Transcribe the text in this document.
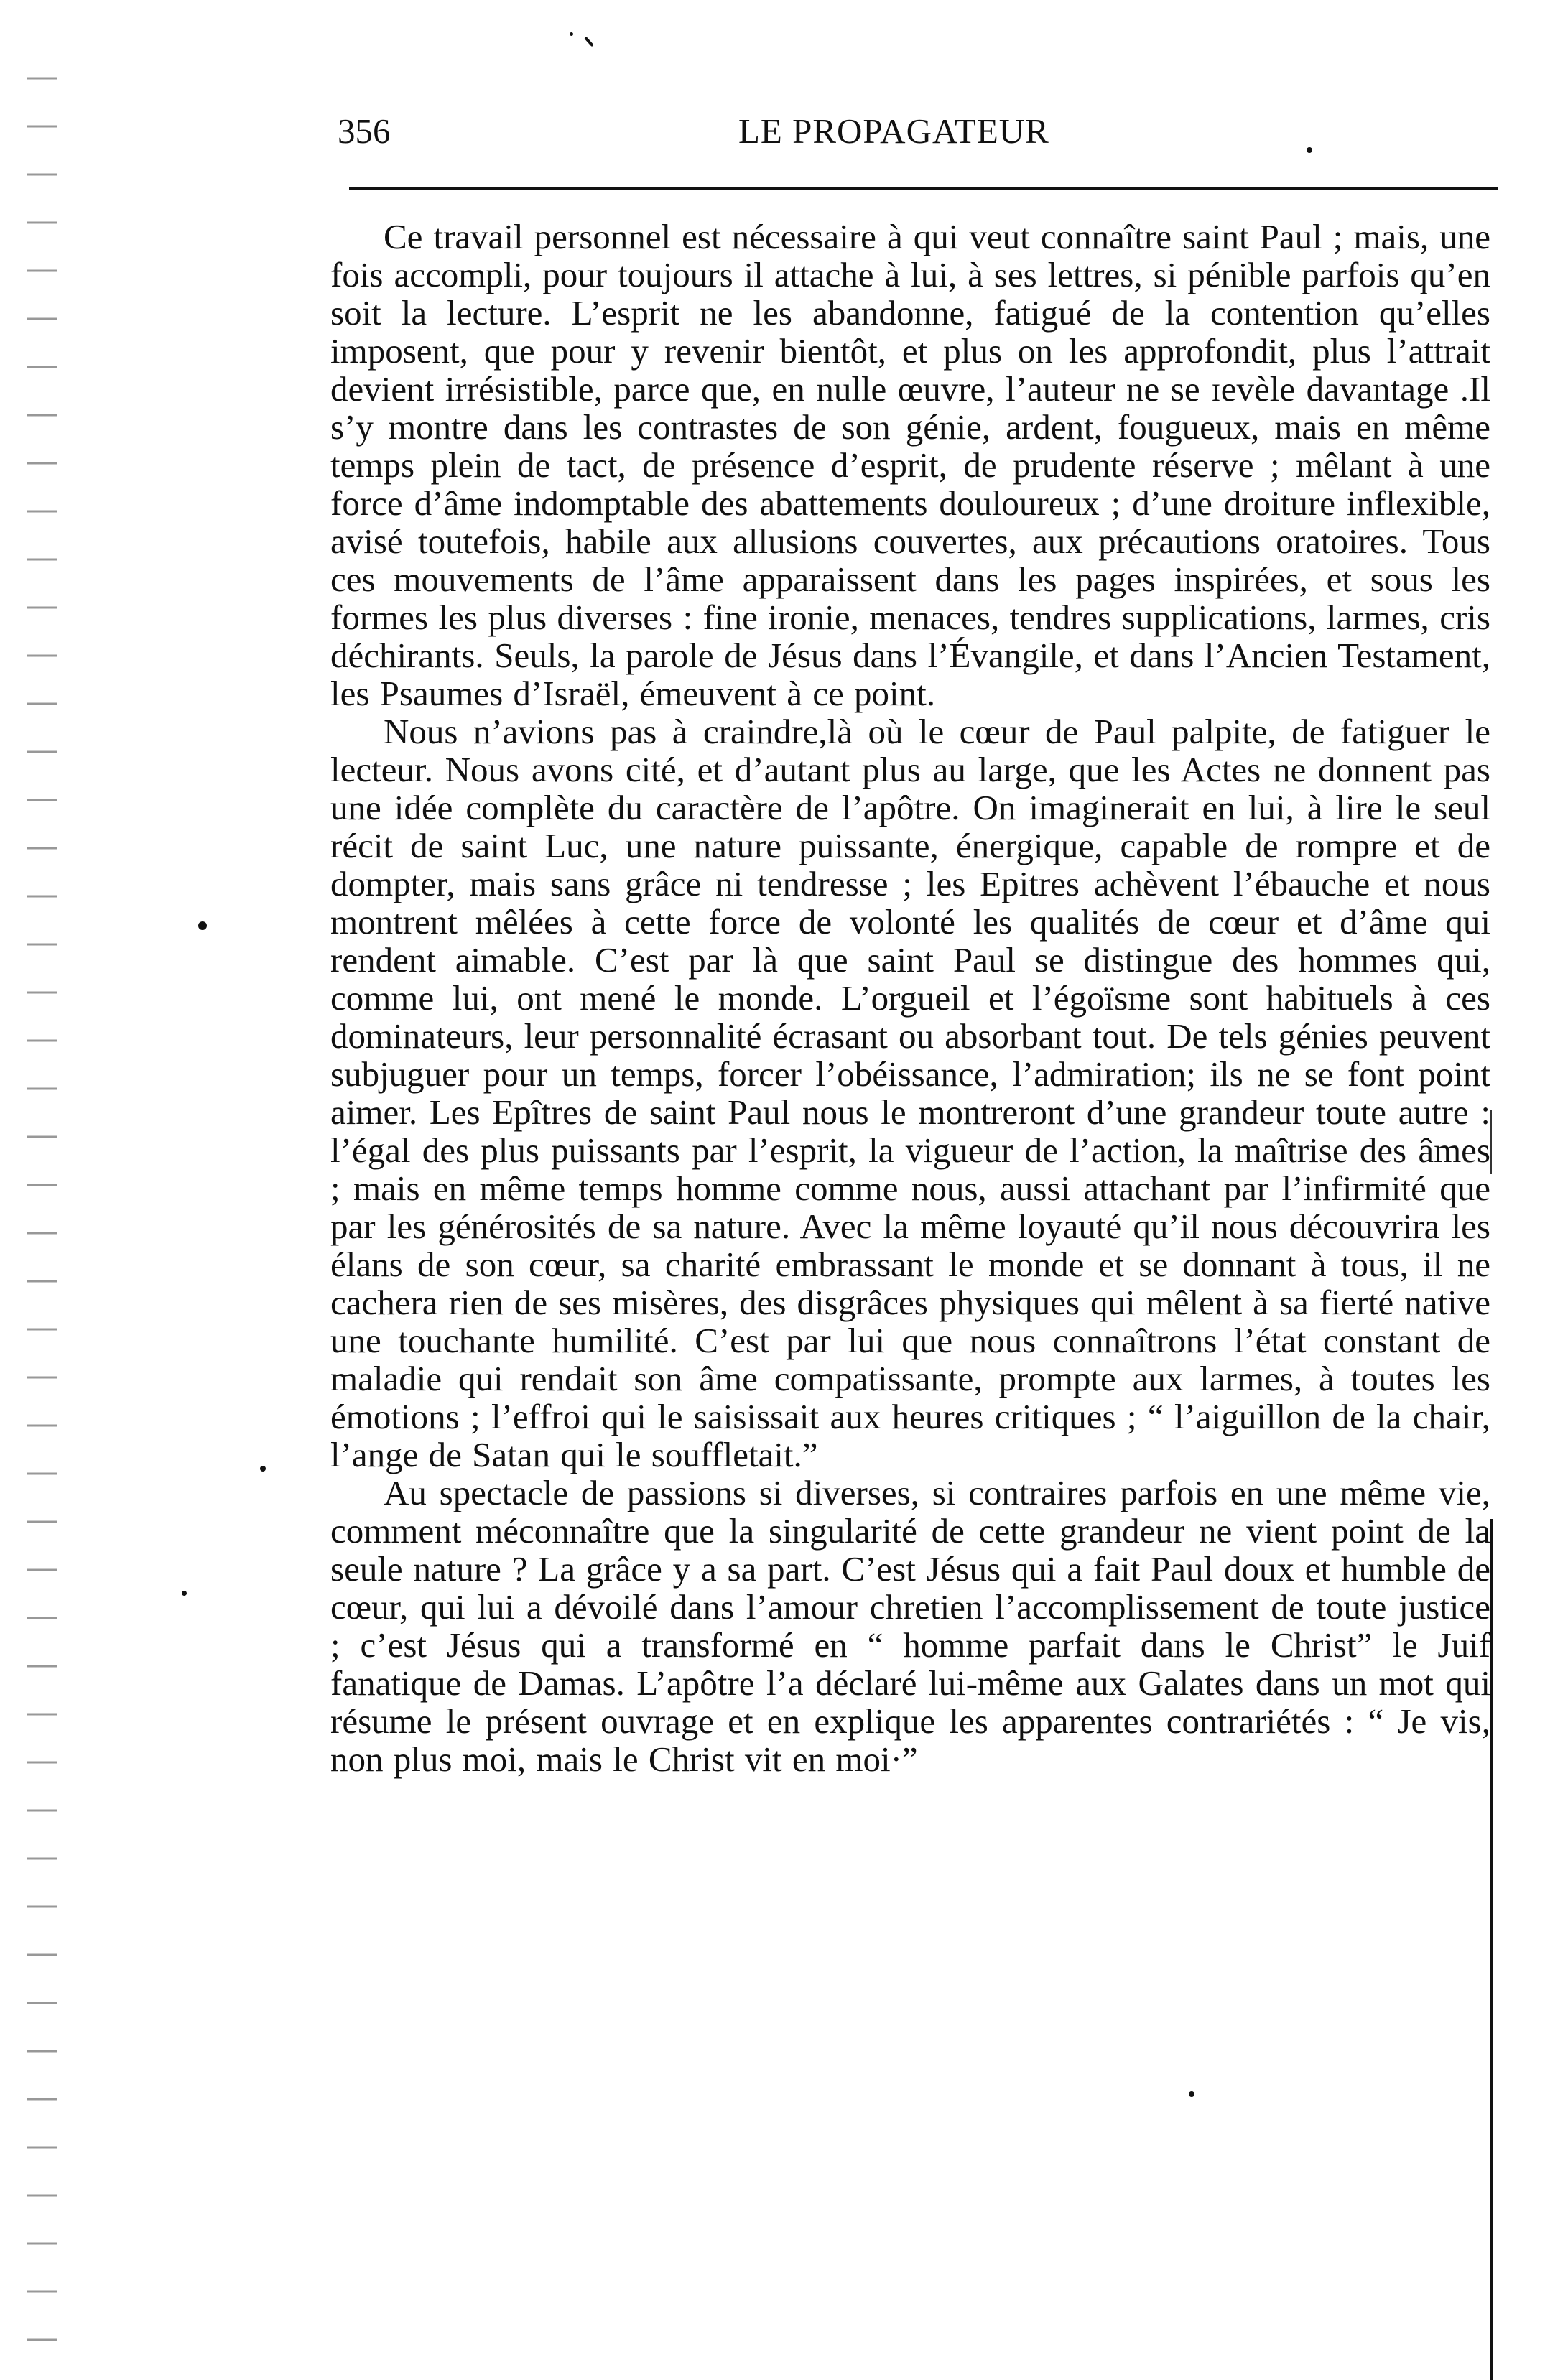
356	LE PROPAGATEUR

Ce travail personnel est nécessaire à qui veut connaître saint Paul ; mais, une fois accompli, pour toujours il attache à lui, à ses lettres, si pénible parfois qu’en soit la lecture. L’esprit ne les abandonne, fatigué de la contention qu’elles imposent, que pour y revenir bientôt, et plus on les approfondit, plus l’attrait devient irrésistible, parce que, en nulle œuvre, l’auteur ne se ɪevèle davantage .Il s’y montre dans les contrastes de son génie, ardent, fougueux, mais en même temps plein de tact, de présence d’esprit, de prudente réserve ; mêlant à une force d’âme indomptable des abattements douloureux ; d’une droiture inflexible, avisé toutefois, habile aux allusions couvertes, aux précautions oratoires. Tous ces mouvements de l’âme apparaissent dans les pages inspirées, et sous les formes les plus diverses : fine ironie, menaces, tendres supplications, larmes, cris déchirants. Seuls, la parole de Jésus dans l’Évangile, et dans l’Ancien Testament, les Psaumes d’Israël, émeuvent à ce point.

Nous n’avions pas à craindre,là où le cœur de Paul palpite, de fatiguer le lecteur. Nous avons cité, et d’autant plus au large, que les Actes ne donnent pas une idée complète du caractère de l’apôtre. On imaginerait en lui, à lire le seul récit de saint Luc, une nature puissante, énergique, capable de rompre et de dompter, mais sans grâce ni tendresse ; les Epitres achèvent l’ébauche et nous montrent mêlées à cette force de volonté les qualités de cœur et d’âme qui rendent aimable. C’est par là que saint Paul se distingue des hommes qui, comme lui, ont mené le monde. L’orgueil et l’égoïsme sont habituels à ces dominateurs, leur personnalité écrasant ou absorbant tout. De tels génies peuvent subjuguer pour un temps, forcer l’obéissance, l’admiration; ils ne se font point aimer. Les Epîtres de saint Paul nous le montreront d’une grandeur toute autre : l’égal des plus puissants par l’esprit, la vigueur de l’action, la maîtrise des âmes ; mais en même temps homme comme nous, aussi attachant par l’infirmité que par les générosités de sa nature. Avec la même loyauté qu’il nous découvrira les élans de son cœur, sa charité embrassant le monde et se donnant à tous, il ne cachera rien de ses misères, des disgrâces physiques qui mêlent à sa fierté native une touchante humilité. C’est par lui que nous connaîtrons l’état constant de maladie qui rendait son âme compatissante, prompte aux larmes, à toutes les émotions ; l’effroi qui le saisissait aux heures critiques ; “ l’aiguillon de la chair, l’ange de Satan qui le souffletait.”

Au spectacle de passions si diverses, si contraires parfois en une même vie, comment méconnaître que la singularité de cette grandeur ne vient point de la seule nature ? La grâce y a sa part. C’est Jésus qui a fait Paul doux et humble de cœur, qui lui a dévoilé dans l’amour chretien l’accomplissement de toute justice ; c’est Jésus qui a transformé en “ homme parfait dans le Christ” le Juif fanatique de Damas. L’apôtre l’a déclaré lui-même aux Galates dans un mot qui résume le présent ouvrage et en explique les apparentes contrariétés : “ Je vis, non plus moi, mais le Christ vit en moi·”
